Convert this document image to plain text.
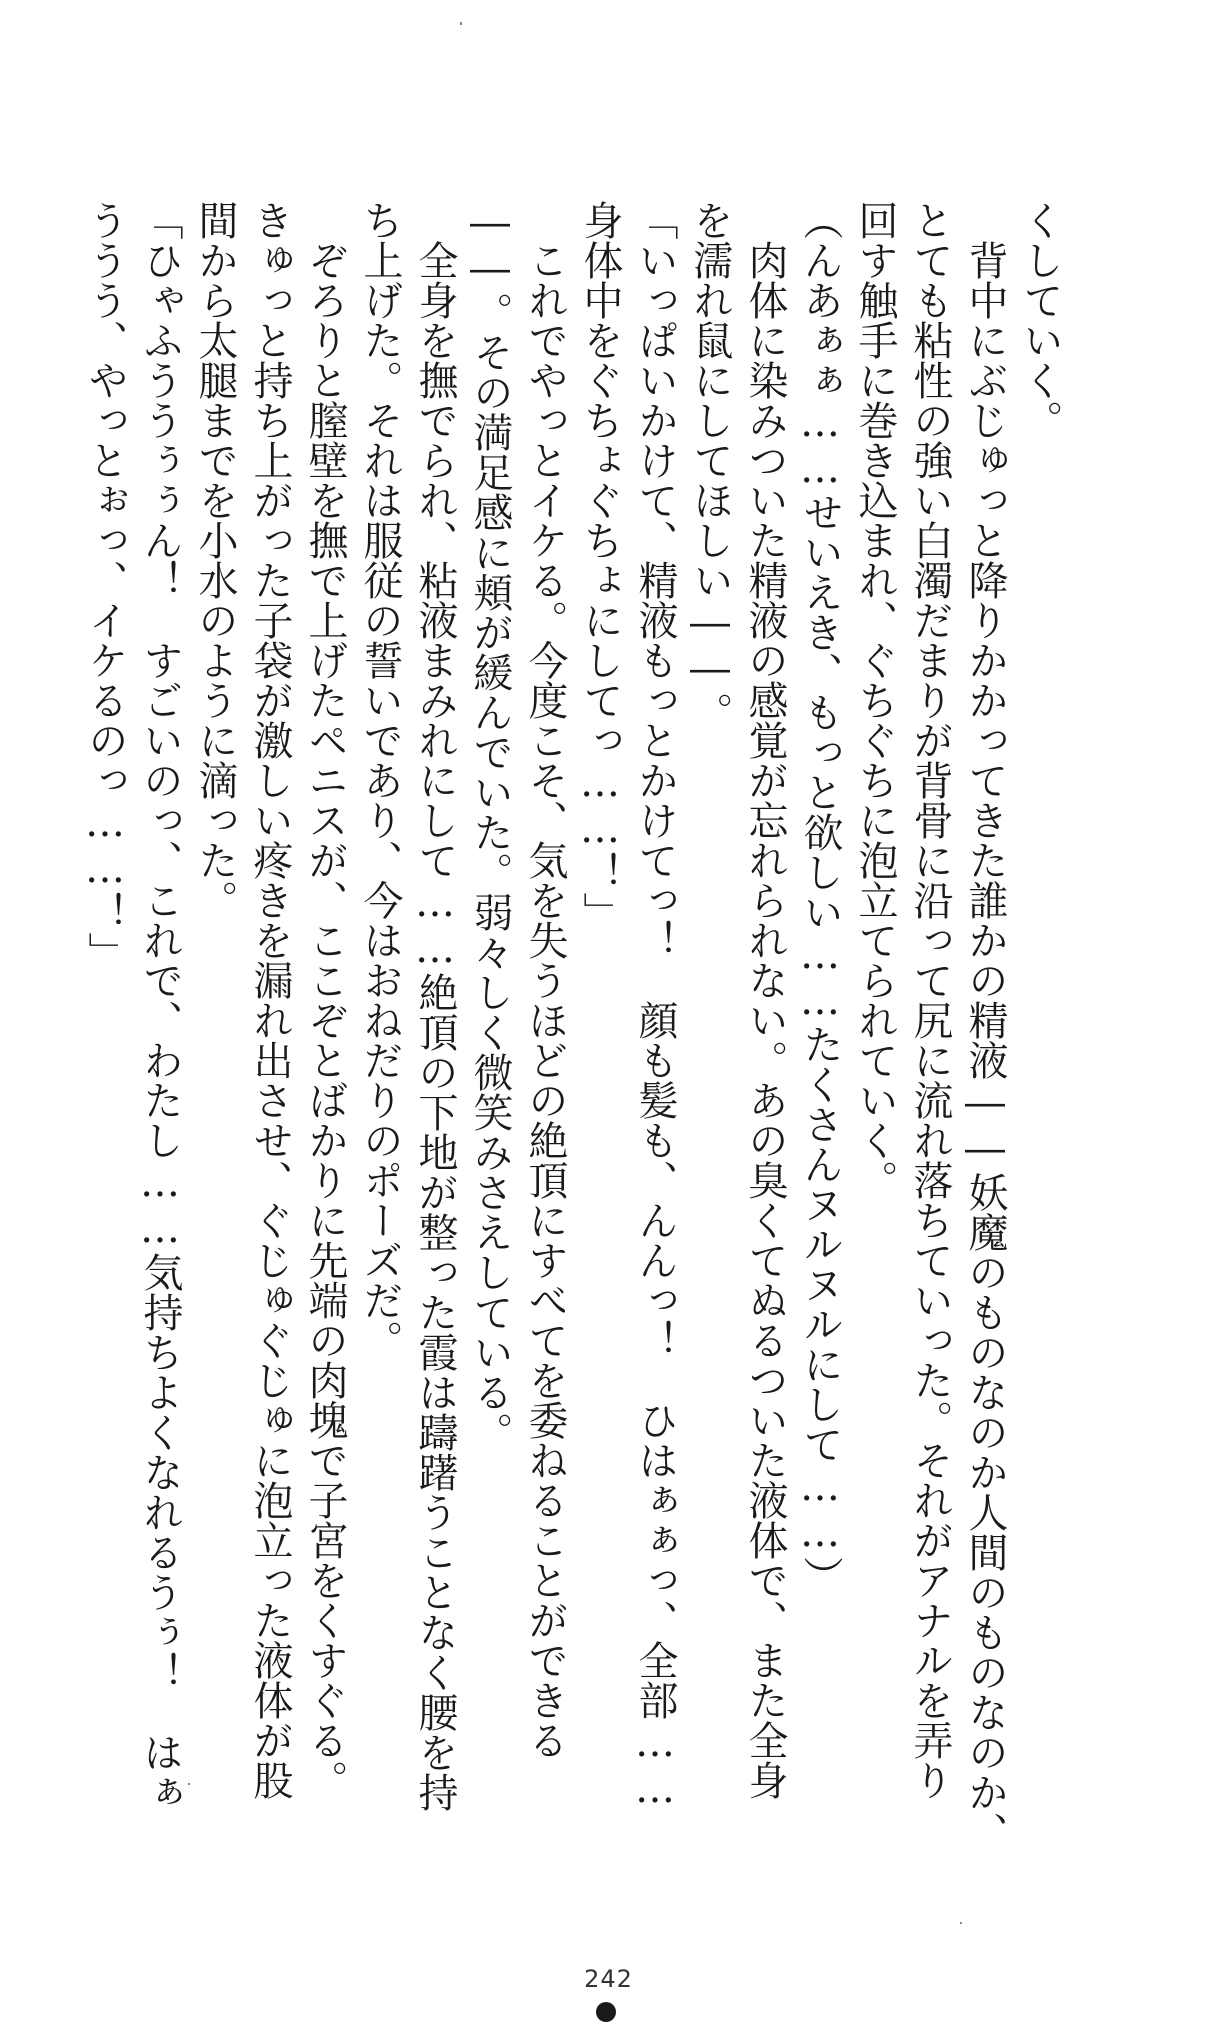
くしていく。

背中にぶじゅっと降りかかってきた誰かの精液――妖魔のものなのか人間のものなのか、

とても粘性の強い白濁だまりが背骨に沿って尻に流れ落ちていった。それがアナルを弄り

回す触手に巻き込まれ、ぐちぐちに泡立てられていく。

（んあぁぁ……せいえき、もっと欲しい……たくさんヌルヌルにして……）

肉体に染みついた精液の感覚が忘れられない。あの臭くてぬるついた液体で、また全身

を濡れ鼠にしてほしい――。

「いっぱいかけて、精液もっとかけてっ！　顔も髪も、んんっ！　ひはぁぁっ、全部……

身体中をぐちょぐちょにしてっ……！」

これでやっとイケる。今度こそ、気を失うほどの絶頂にすべてを委ねることができる

――。その満足感に頬が緩んでいた。弱々しく微笑みさえしている。

全身を撫でられ、粘液まみれにして……絶頂の下地が整った霞は躊躇うことなく腰を持

ち上げた。それは服従の誓いであり、今はおねだりのポーズだ。

ぞろりと膣壁を撫で上げたペニスが、ここぞとばかりに先端の肉塊で子宮をくすぐる。

きゅっと持ち上がった子袋が激しい疼きを漏れ出させ、ぐじゅぐじゅに泡立った液体が股

間から太腿までを小水のように滴った。

「ひゃふううぅぅん！　すごいのっ、これで、わたし……気持ちよくなれるうぅ！　はぁ

ううう、やっとぉっ、イケるのっ……！」

242
